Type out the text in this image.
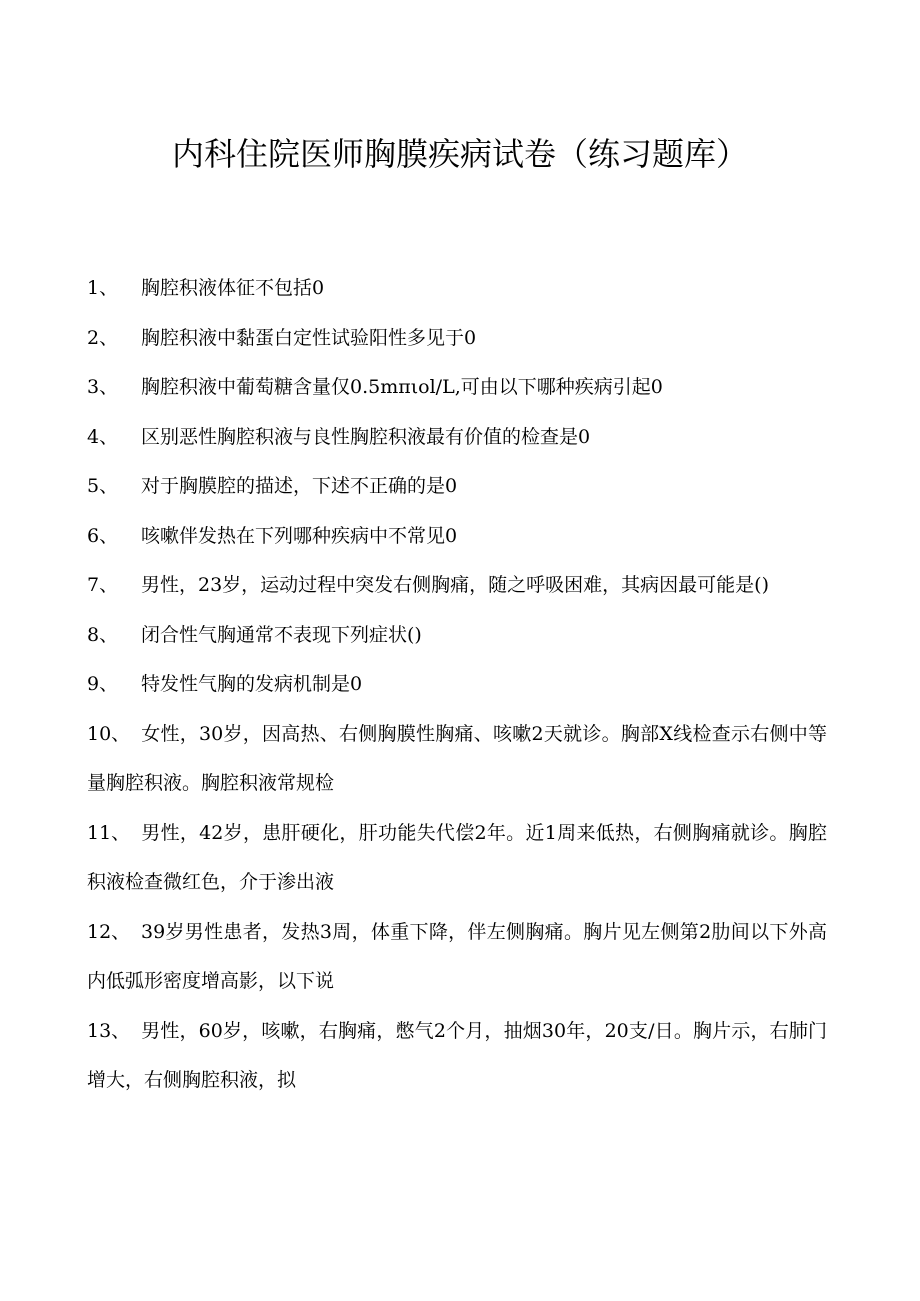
内科住院医师胸膜疾病试卷（练习题库）
1、 胸腔积液体征不包括0
2、 胸腔积液中黏蛋白定性试验阳性多见于0
3、 胸腔积液中葡萄糖含量仅0.5mπιol/L,可由以下哪种疾病引起0
4、 区别恶性胸腔积液与良性胸腔积液最有价值的检查是0
5、 对于胸膜腔的描述，下述不正确的是0
6、 咳嗽伴发热在下列哪种疾病中不常见0
7、 男性，23岁，运动过程中突发右侧胸痛，随之呼吸困难，其病因最可能是()
8、 闭合性气胸通常不表现下列症状()
9、 特发性气胸的发病机制是0
10、 女性，30岁，因高热、右侧胸膜性胸痛、咳嗽2天就诊。胸部X线检查示右侧中等量胸腔积液。胸腔积液常规检
11、 男性，42岁，患肝硬化，肝功能失代偿2年。近1周来低热，右侧胸痛就诊。胸腔积液检查微红色，介于渗出液
12、 39岁男性患者，发热3周，体重下降，伴左侧胸痛。胸片见左侧第2肋间以下外高内低弧形密度增高影，以下说
13、 男性，60岁，咳嗽，右胸痛，憋气2个月，抽烟30年，20支/日。胸片示，右肺门增大，右侧胸腔积液，拟
